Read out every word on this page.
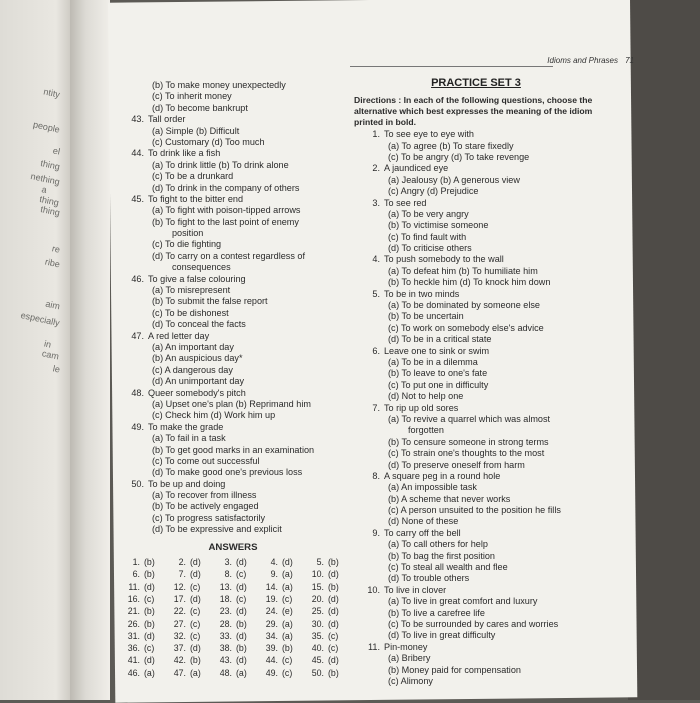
ntity
people
el
thing
nething
a thing
thing
re
ribe
aim
especially
in cam
le
Idioms and Phrases 71
(b) To make money unexpectedly
(c) To inherit money
(d) To become bankrupt
43. Tall order
(a) Simple (b) Difficult
(c) Customary (d) Too much
44. To drink like a fish
(a) To drink little (b) To drink alone
(c) To be a drunkard
(d) To drink in the company of others
45. To fight to the bitter end
(a) To fight with poison-tipped arrows
(b) To fight to the last point of enemy
position
(c) To die fighting
(d) To carry on a contest regardless of
consequences
46. To give a false colouring
(a) To misrepresent
(b) To submit the false report
(c) To be dishonest
(d) To conceal the facts
47. A red letter day
(a) An important day
(b) An auspicious day*
(c) A dangerous day
(d) An unimportant day
48. Queer somebody's pitch
(a) Upset one's plan (b) Reprimand him
(c) Check him (d) Work him up
49. To make the grade
(a) To fail in a task
(b) To get good marks in an examination
(c) To come out successful
(d) To make good one's previous loss
50. To be up and doing
(a) To recover from illness
(b) To be actively engaged
(c) To progress satisfactorily
(d) To be expressive and explicit
ANSWERS
1. (b)	2. (d)	3. (d)	4. (d)	5. (b)
6. (b)	7. (d)	8. (c)	9. (a)	10. (d)
11. (d)	12. (c)	13. (d)	14. (a)	15. (b)
16. (c)	17. (d)	18. (c)	19. (c)	20. (d)
21. (b)	22. (c)	23. (d)	24. (e)	25. (d)
26. (b)	27. (c)	28. (b)	29. (a)	30. (d)
31. (d)	32. (c)	33. (d)	34. (a)	35. (c)
36. (c)	37. (d)	38. (b)	39. (b)	40. (c)
41. (d)	42. (b)	43. (d)	44. (c)	45. (d)
46. (a)	47. (a)	48. (a)	49. (c)	50. (b)
PRACTICE SET 3
Directions : In each of the following questions, choose the alternative which best expresses the meaning of the idiom printed in bold.
1. To see eye to eye with
(a) To agree (b) To stare fixedly
(c) To be angry (d) To take revenge
2. A jaundiced eye
(a) Jealousy (b) A generous view
(c) Angry (d) Prejudice
3. To see red
(a) To be very angry
(b) To victimise someone
(c) To find fault with
(d) To criticise others
4. To push somebody to the wall
(a) To defeat him (b) To humiliate him
(b) To heckle him (d) To knock him down
5. To be in two minds
(a) To be dominated by someone else
(b) To be uncertain
(c) To work on somebody else's advice
(d) To be in a critical state
6. Leave one to sink or swim
(a) To be in a dilemma
(b) To leave to one's fate
(c) To put one in difficulty
(d) Not to help one
7. To rip up old sores
(a) To revive a quarrel which was almost
forgotten
(b) To censure someone in strong terms
(c) To strain one's thoughts to the most
(d) To preserve oneself from harm
8. A square peg in a round hole
(a) An impossible task
(b) A scheme that never works
(c) A person unsuited to the position he fills
(d) None of these
9. To carry off the bell
(a) To call others for help
(b) To bag the first position
(c) To steal all wealth and flee
(d) To trouble others
10. To live in clover
(a) To live in great comfort and luxury
(b) To live a carefree life
(c) To be surrounded by cares and worries
(d) To live in great difficulty
11. Pin-money
(a) Bribery
(b) Money paid for compensation
(c) Alimony
